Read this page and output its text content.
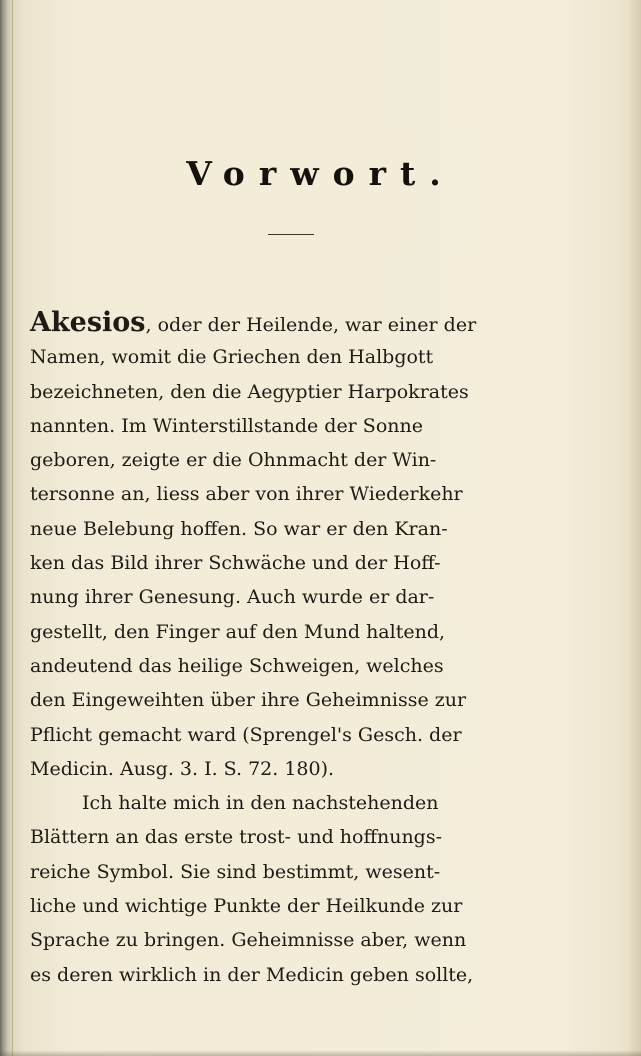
Vorwort.
Akesios, oder der Heilende, war einer der
Namen, womit die Griechen den Halbgott
bezeichneten, den die Aegyptier Harpokrates
nannten. Im Winterstillstande der Sonne
geboren, zeigte er die Ohnmacht der Win-
tersonne an, liess aber von ihrer Wiederkehr
neue Belebung hoffen. So war er den Kran-
ken das Bild ihrer Schwäche und der Hoff-
nung ihrer Genesung. Auch wurde er dar-
gestellt, den Finger auf den Mund haltend,
andeutend das heilige Schweigen, welches
den Eingeweihten über ihre Geheimnisse zur
Pflicht gemacht ward (Sprengel's Gesch. der
Medicin. Ausg. 3. I. S. 72. 180).
Ich halte mich in den nachstehenden
Blättern an das erste trost- und hoffnungs-
reiche Symbol. Sie sind bestimmt, wesent-
liche und wichtige Punkte der Heilkunde zur
Sprache zu bringen. Geheimnisse aber, wenn
es deren wirklich in der Medicin geben sollte,
